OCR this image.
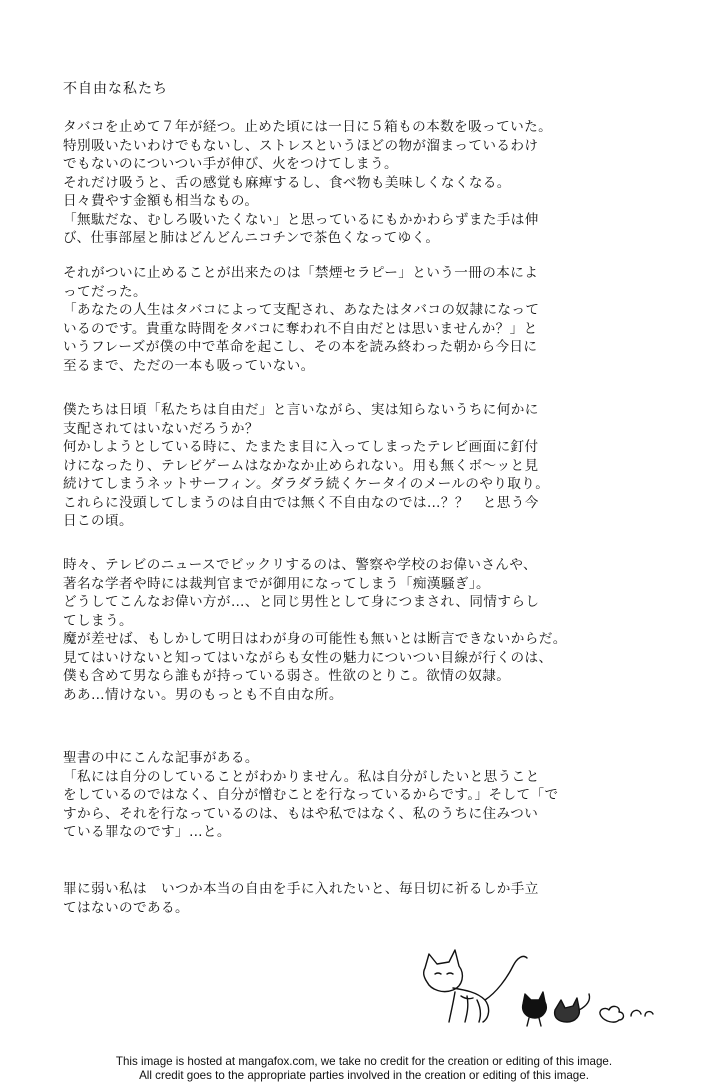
不自由な私たち
タバコを止めて７年が経つ。止めた頃には一日に５箱もの本数を吸っていた。
特別吸いたいわけでもないし、ストレスというほどの物が溜まっているわけ
でもないのについつい手が伸び、火をつけてしまう。
それだけ吸うと、舌の感覚も麻痺するし、食べ物も美味しくなくなる。
日々費やす金額も相当なもの。
「無駄だな、むしろ吸いたくない」と思っているにもかかわらずまた手は伸
び、仕事部屋と肺はどんどんニコチンで茶色くなってゆく。
それがついに止めることが出来たのは「禁煙セラピー」という一冊の本によ
ってだった。
「あなたの人生はタバコによって支配され、あなたはタバコの奴隷になって
いるのです。貴重な時間をタバコに奪われ不自由だとは思いませんか？」と
いうフレーズが僕の中で革命を起こし、その本を読み終わった朝から今日に
至るまで、ただの一本も吸っていない。
僕たちは日頃「私たちは自由だ」と言いながら、実は知らないうちに何かに
支配されてはいないだろうか？
何かしようとしている時に、たまたま目に入ってしまったテレビ画面に釘付
けになったり、テレビゲームはなかなか止められない。用も無くボ～ッと見
続けてしまうネットサーフィン。ダラダラ続くケータイのメールのやり取り。
これらに没頭してしまうのは自由では無く不自由なのでは…？？　と思う今
日この頃。
時々、テレビのニュースでビックリするのは、警察や学校のお偉いさんや、
著名な学者や時には裁判官までが御用になってしまう「痴漢騒ぎ」。
どうしてこんなお偉い方が…、と同じ男性として身につまされ、同情すらし
てしまう。
魔が差せば、もしかして明日はわが身の可能性も無いとは断言できないからだ。
見てはいけないと知ってはいながらも女性の魅力についつい目線が行くのは、
僕も含めて男なら誰もが持っている弱さ。性欲のとりこ。欲情の奴隷。
ああ…情けない。男のもっとも不自由な所。
聖書の中にこんな記事がある。
「私には自分のしていることがわかりません。私は自分がしたいと思うこと
をしているのではなく、自分が憎むことを行なっているからです。」そして「で
すから、それを行なっているのは、もはや私ではなく、私のうちに住みつい
ている罪なのです」…と。
罪に弱い私は　いつか本当の自由を手に入れたいと、毎日切に祈るしか手立
てはないのである。
This image is hosted at mangafox.com, we take no credit for the creation or editing of this image.
All credit goes to the appropriate parties involved in the creation or editing of this image.
